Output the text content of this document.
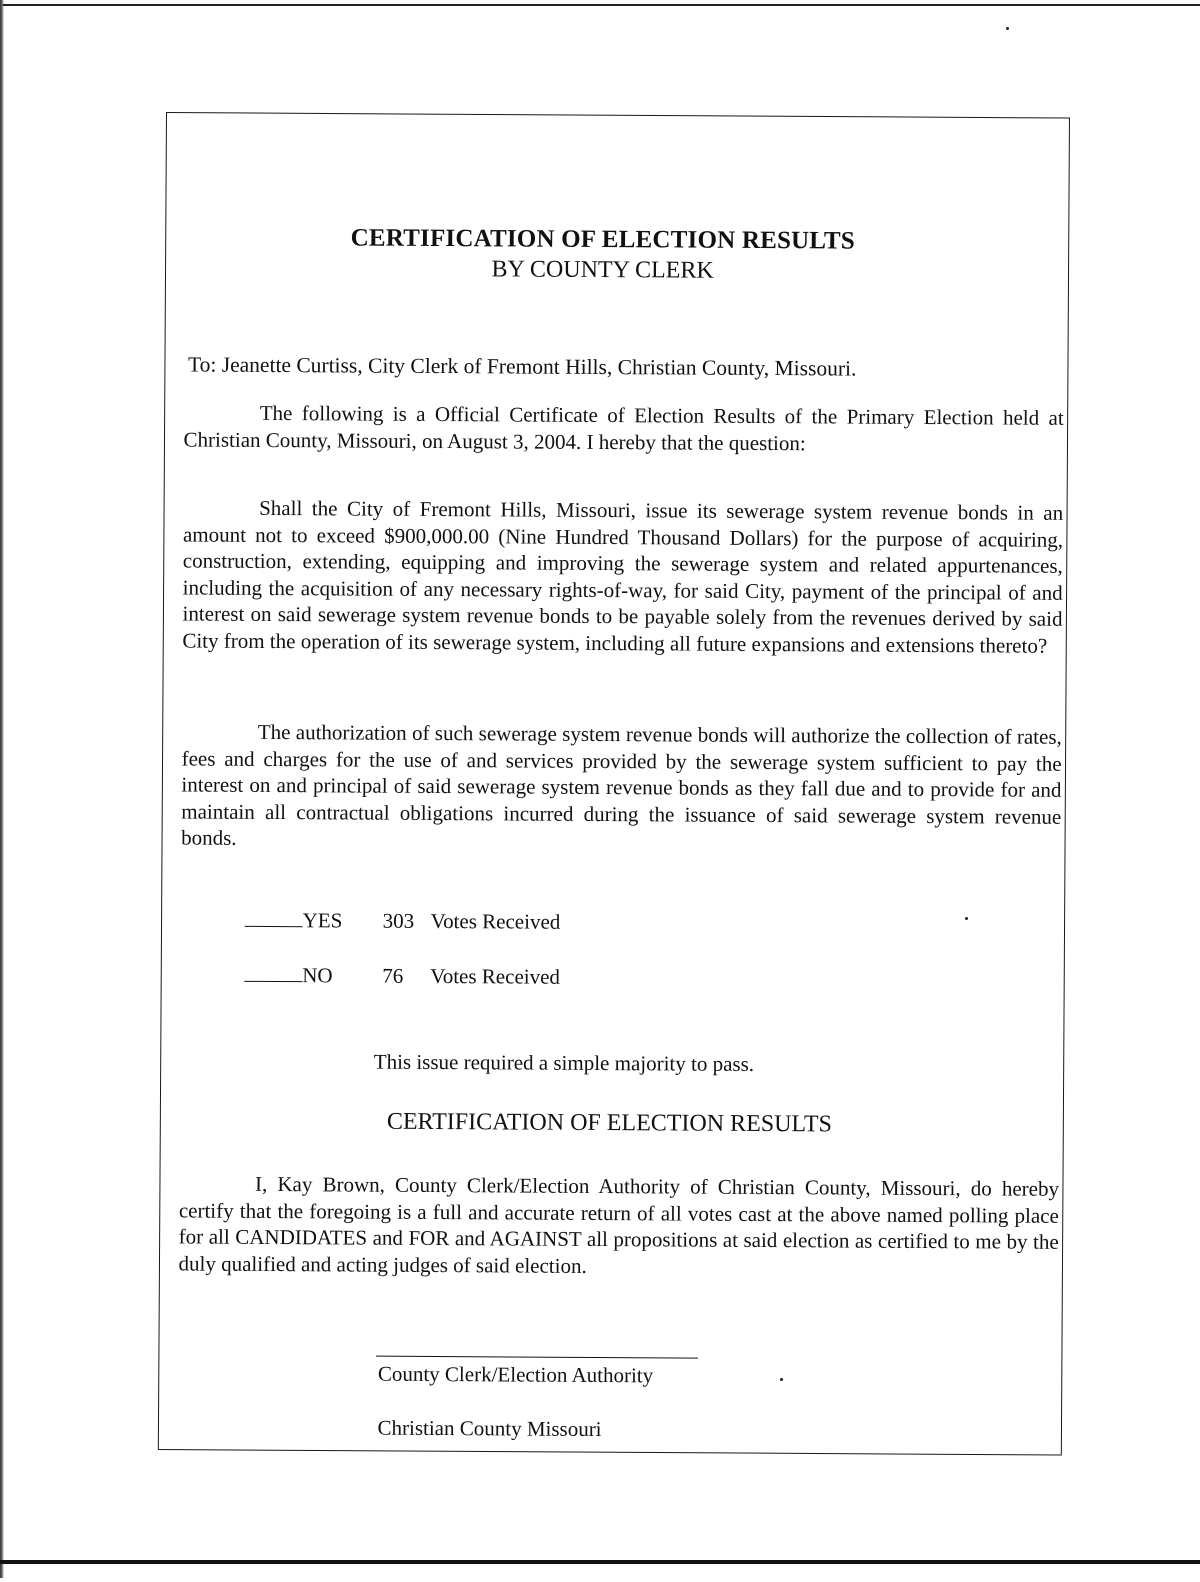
CERTIFICATION OF ELECTION RESULTS
BY COUNTY CLERK
To: Jeanette Curtiss, City Clerk of Fremont Hills, Christian County, Missouri.
The following is a Official Certificate of Election Results of the Primary Election held at Christian County, Missouri, on August 3, 2004. I hereby that the question:
Shall the City of Fremont Hills, Missouri, issue its sewerage system revenue bonds in an amount not to exceed $900,000.00 (Nine Hundred Thousand Dollars) for the purpose of acquiring, construction, extending, equipping and improving the sewerage system and related appurtenances, including the acquisition of any necessary rights-of-way, for said City, payment of the principal of and interest on said sewerage system revenue bonds to be payable solely from the revenues derived by said City from the operation of its sewerage system, including all future expansions and extensions thereto?
The authorization of such sewerage system revenue bonds will authorize the collection of rates, fees and charges for the use of and services provided by the sewerage system sufficient to pay the interest on and principal of said sewerage system revenue bonds as they fall due and to provide for and maintain all contractual obligations incurred during the issuance of said sewerage system revenue bonds.
YES 303 Votes Received
NO 76 Votes Received
This issue required a simple majority to pass.
CERTIFICATION OF ELECTION RESULTS
I, Kay Brown, County Clerk/Election Authority of Christian County, Missouri, do hereby certify that the foregoing is a full and accurate return of all votes cast at the above named polling place for all CANDIDATES and FOR and AGAINST all propositions at said election as certified to me by the duly qualified and acting judges of said election.
County Clerk/Election Authority
Christian County Missouri
